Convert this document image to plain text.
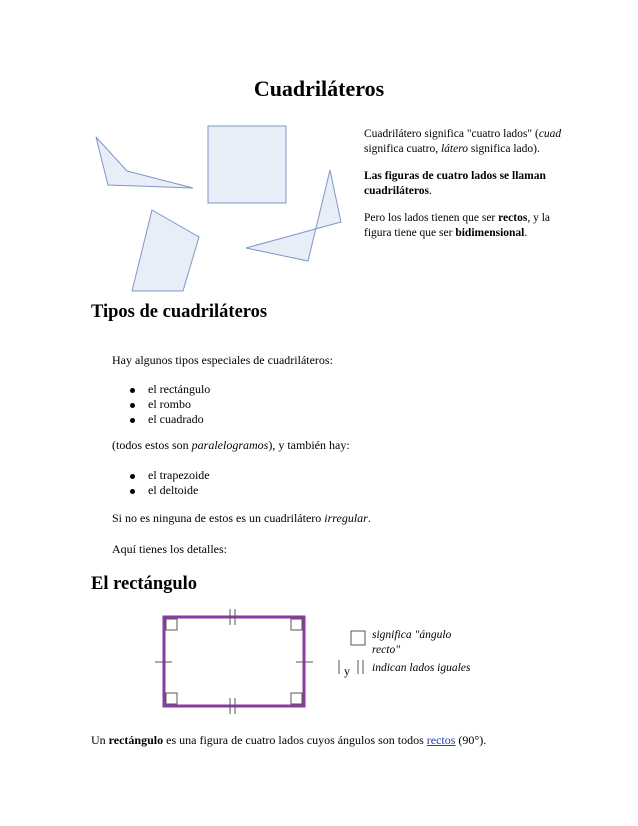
Cuadriláteros

Cuadrilátero significa "cuatro lados" (cuad significa cuatro, látero significa lado).

Las figuras de cuatro lados se llaman cuadriláteros.

Pero los lados tienen que ser rectos, y la figura tiene que ser bidimensional.

Tipos de cuadriláteros
Hay algunos tipos especiales de cuadriláteros:
el rectángulo
el rombo
el cuadrado
(todos estos son paralelogramos), y también hay:
el trapezoide
el deltoide
Si no es ninguna de estos es un cuadrilátero irregular.
Aquí tienes los detalles:
El rectángulo
significa "ángulo recto"
y indican lados iguales
Un rectángulo es una figura de cuatro lados cuyos ángulos son todos rectos (90°).
